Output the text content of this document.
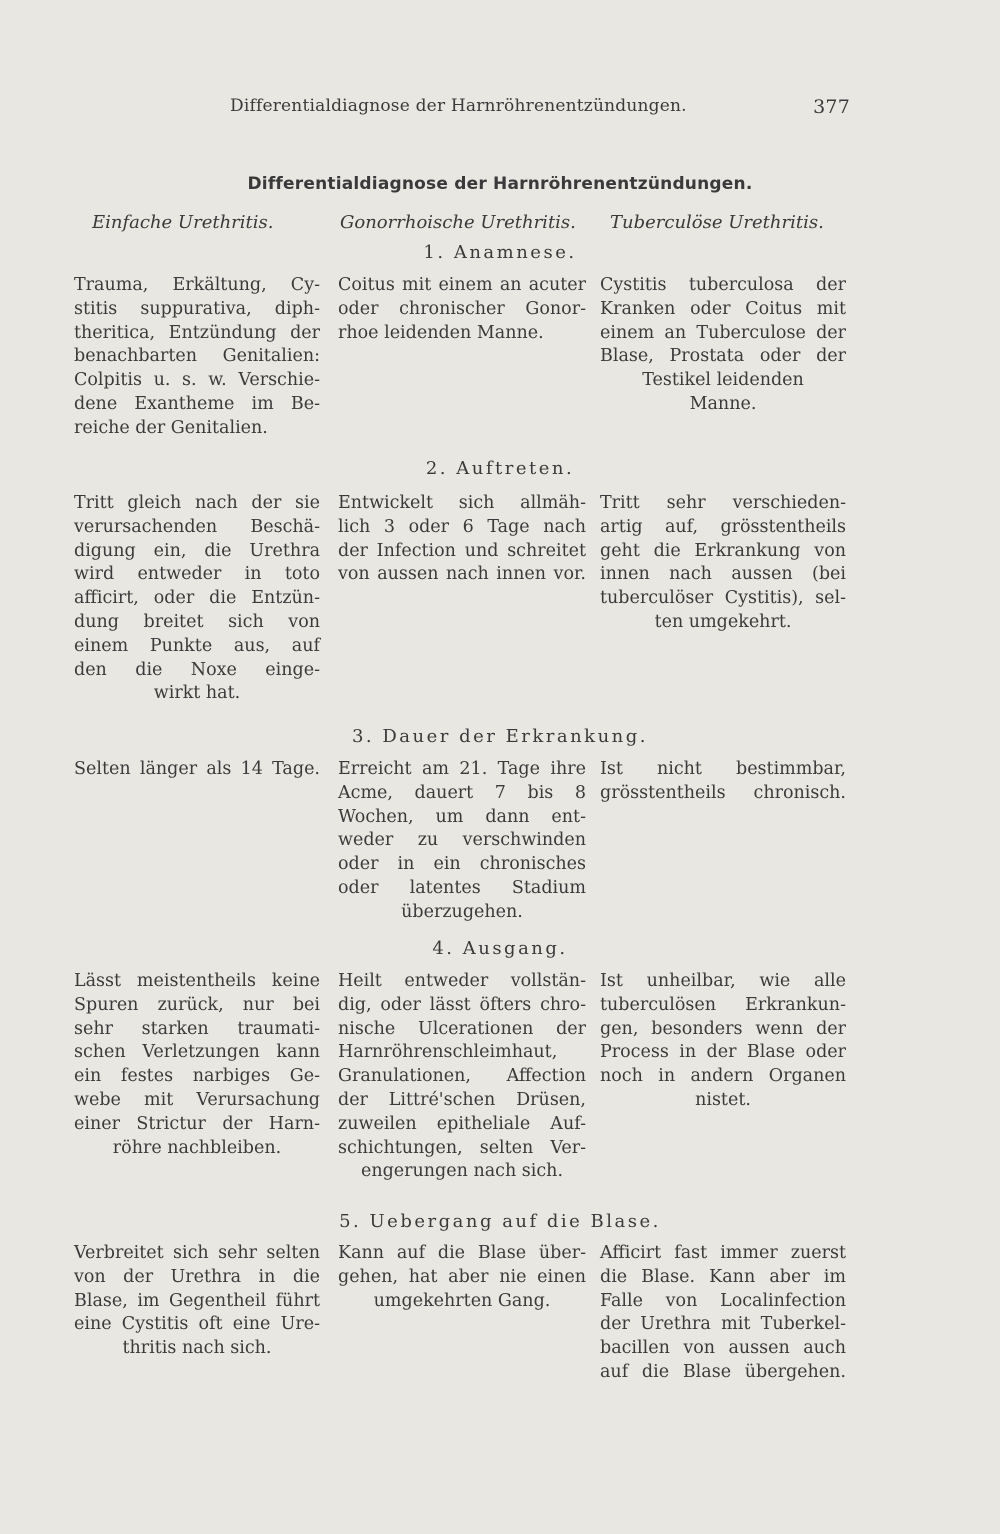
Differentialdiagnose der Harnröhrenentzündungen.	377
Differentialdiagnose der Harnröhrenentzündungen.
Einfache Urethritis.	Gonorrhoische Urethritis. Tuberculöse Urethritis.
1. Anamnese.
Trauma, Erkältung, Cy-
stitis suppurativa, diph-
theritica, Entzündung der
benachbarten Genitalien:
Colpitis u. s. w. Verschie-
dene Exantheme im Be-
reiche der Genitalien.
Coitus mit einem an acuter
oder chronischer Gonor-
rhoe leidenden Manne.
Cystitis tuberculosa der
Kranken oder Coitus mit
einem an Tuberculose der
Blase, Prostata oder der
Testikel leidenden
Manne.
2. Auftreten.
Tritt gleich nach der sie
verursachenden Beschä-
digung ein, die Urethra
wird entweder in toto
afficirt, oder die Entzün-
dung breitet sich von
einem Punkte aus, auf
den die Noxe einge-
wirkt hat.
Entwickelt sich allmäh-
lich 3 oder 6 Tage nach
der Infection und schreitet
von aussen nach innen vor.
Tritt sehr verschieden-
artig auf, grösstentheils
geht die Erkrankung von
innen nach aussen (bei
tuberculöser Cystitis), sel-
ten umgekehrt.
3. Dauer der Erkrankung.
Selten länger als 14 Tage. Erreicht am 21. Tage ihre
Acme, dauert 7 bis 8
Wochen, um dann ent-
weder zu verschwinden
oder in ein chronisches
oder latentes Stadium
überzugehen.
Ist nicht bestimmbar,
grösstentheils chronisch.
4. Ausgang.
Lässt meistentheils keine
Spuren zurück, nur bei
sehr starken traumati-
schen Verletzungen kann
ein festes narbiges Ge-
webe mit Verursachung
einer Strictur der Harn-
röhre nachbleiben.
Heilt entweder vollstän-
dig, oder lässt öfters chro-
nische Ulcerationen der
Harnröhrenschleimhaut,
Granulationen, Affection
der Littré'schen Drüsen,
zuweilen epitheliale Auf-
schichtungen, selten Ver-
engerungen nach sich.
Ist unheilbar, wie alle
tuberculösen Erkrankun-
gen, besonders wenn der
Process in der Blase oder
noch in andern Organen
nistet.
5. Uebergang auf die Blase.
Verbreitet sich sehr selten
von der Urethra in die
Blase, im Gegentheil führt
eine Cystitis oft eine Ure-
thritis nach sich.
Kann auf die Blase über-
gehen, hat aber nie einen
umgekehrten Gang.
Afficirt fast immer zuerst
die Blase. Kann aber im
Falle von Localinfection
der Urethra mit Tuberkel-
bacillen von aussen auch
auf die Blase übergehen.
